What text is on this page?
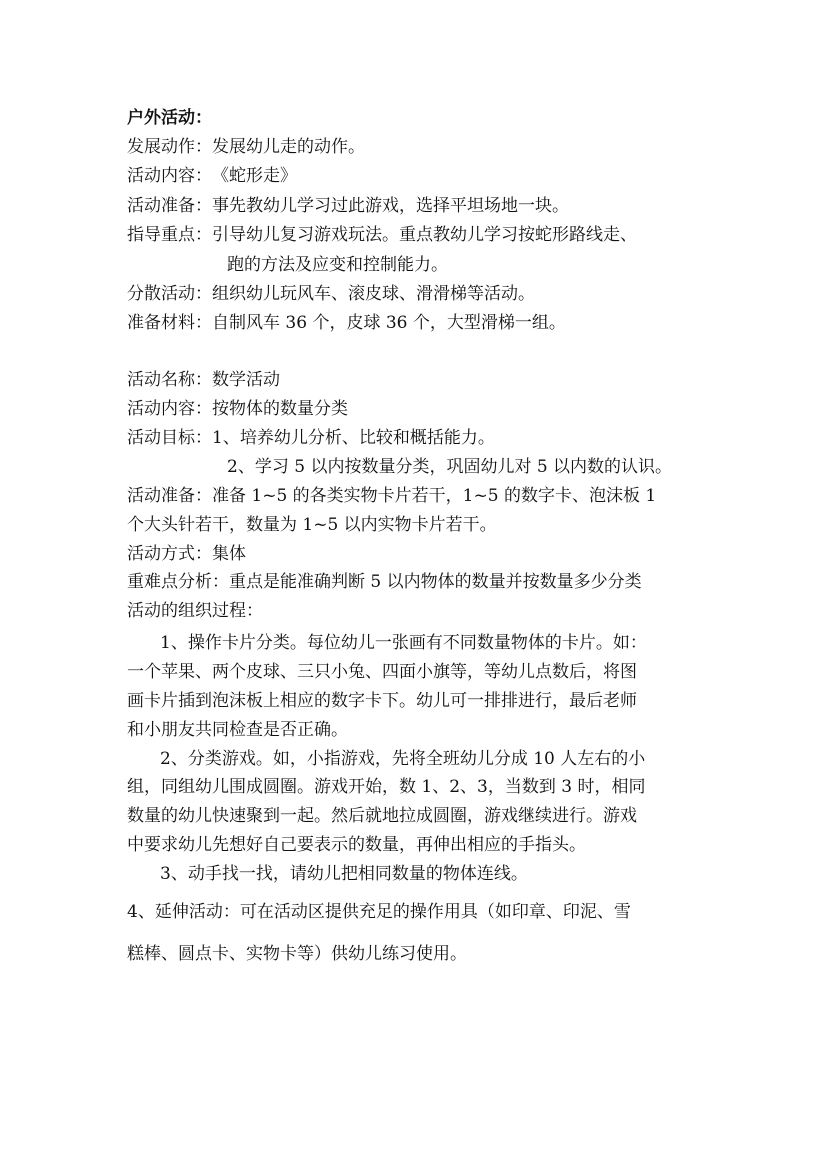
户外活动：
发展动作：发展幼儿走的动作。
活动内容：《蛇形走》
活动准备：事先教幼儿学习过此游戏，选择平坦场地一块。
指导重点：引导幼儿复习游戏玩法。重点教幼儿学习按蛇形路线走、
跑的方法及应变和控制能力。
分散活动：组织幼儿玩风车、滚皮球、滑滑梯等活动。
准备材料：自制风车 36 个，皮球 36 个，大型滑梯一组。
活动名称：数学活动
活动内容：按物体的数量分类
活动目标：1、培养幼儿分析、比较和概括能力。
2、学习 5 以内按数量分类，巩固幼儿对 5 以内数的认识。
活动准备：准备 1~5 的各类实物卡片若干，1~5 的数字卡、泡沫板 1
个大头针若干，数量为 1~5 以内实物卡片若干。
活动方式：集体
重难点分析：重点是能准确判断 5 以内物体的数量并按数量多少分类
活动的组织过程：
1、操作卡片分类。每位幼儿一张画有不同数量物体的卡片。如：
一个苹果、两个皮球、三只小兔、四面小旗等，等幼儿点数后，将图
画卡片插到泡沫板上相应的数字卡下。幼儿可一排排进行，最后老师
和小朋友共同检查是否正确。
2、分类游戏。如，小指游戏，先将全班幼儿分成 10 人左右的小
组，同组幼儿围成圆圈。游戏开始，数 1、2、3，当数到 3 时，相同
数量的幼儿快速聚到一起。然后就地拉成圆圈，游戏继续进行。游戏
中要求幼儿先想好自己要表示的数量，再伸出相应的手指头。
3、动手找一找，请幼儿把相同数量的物体连线。
4、延伸活动：可在活动区提供充足的操作用具（如印章、印泥、雪
糕棒、圆点卡、实物卡等）供幼儿练习使用。
